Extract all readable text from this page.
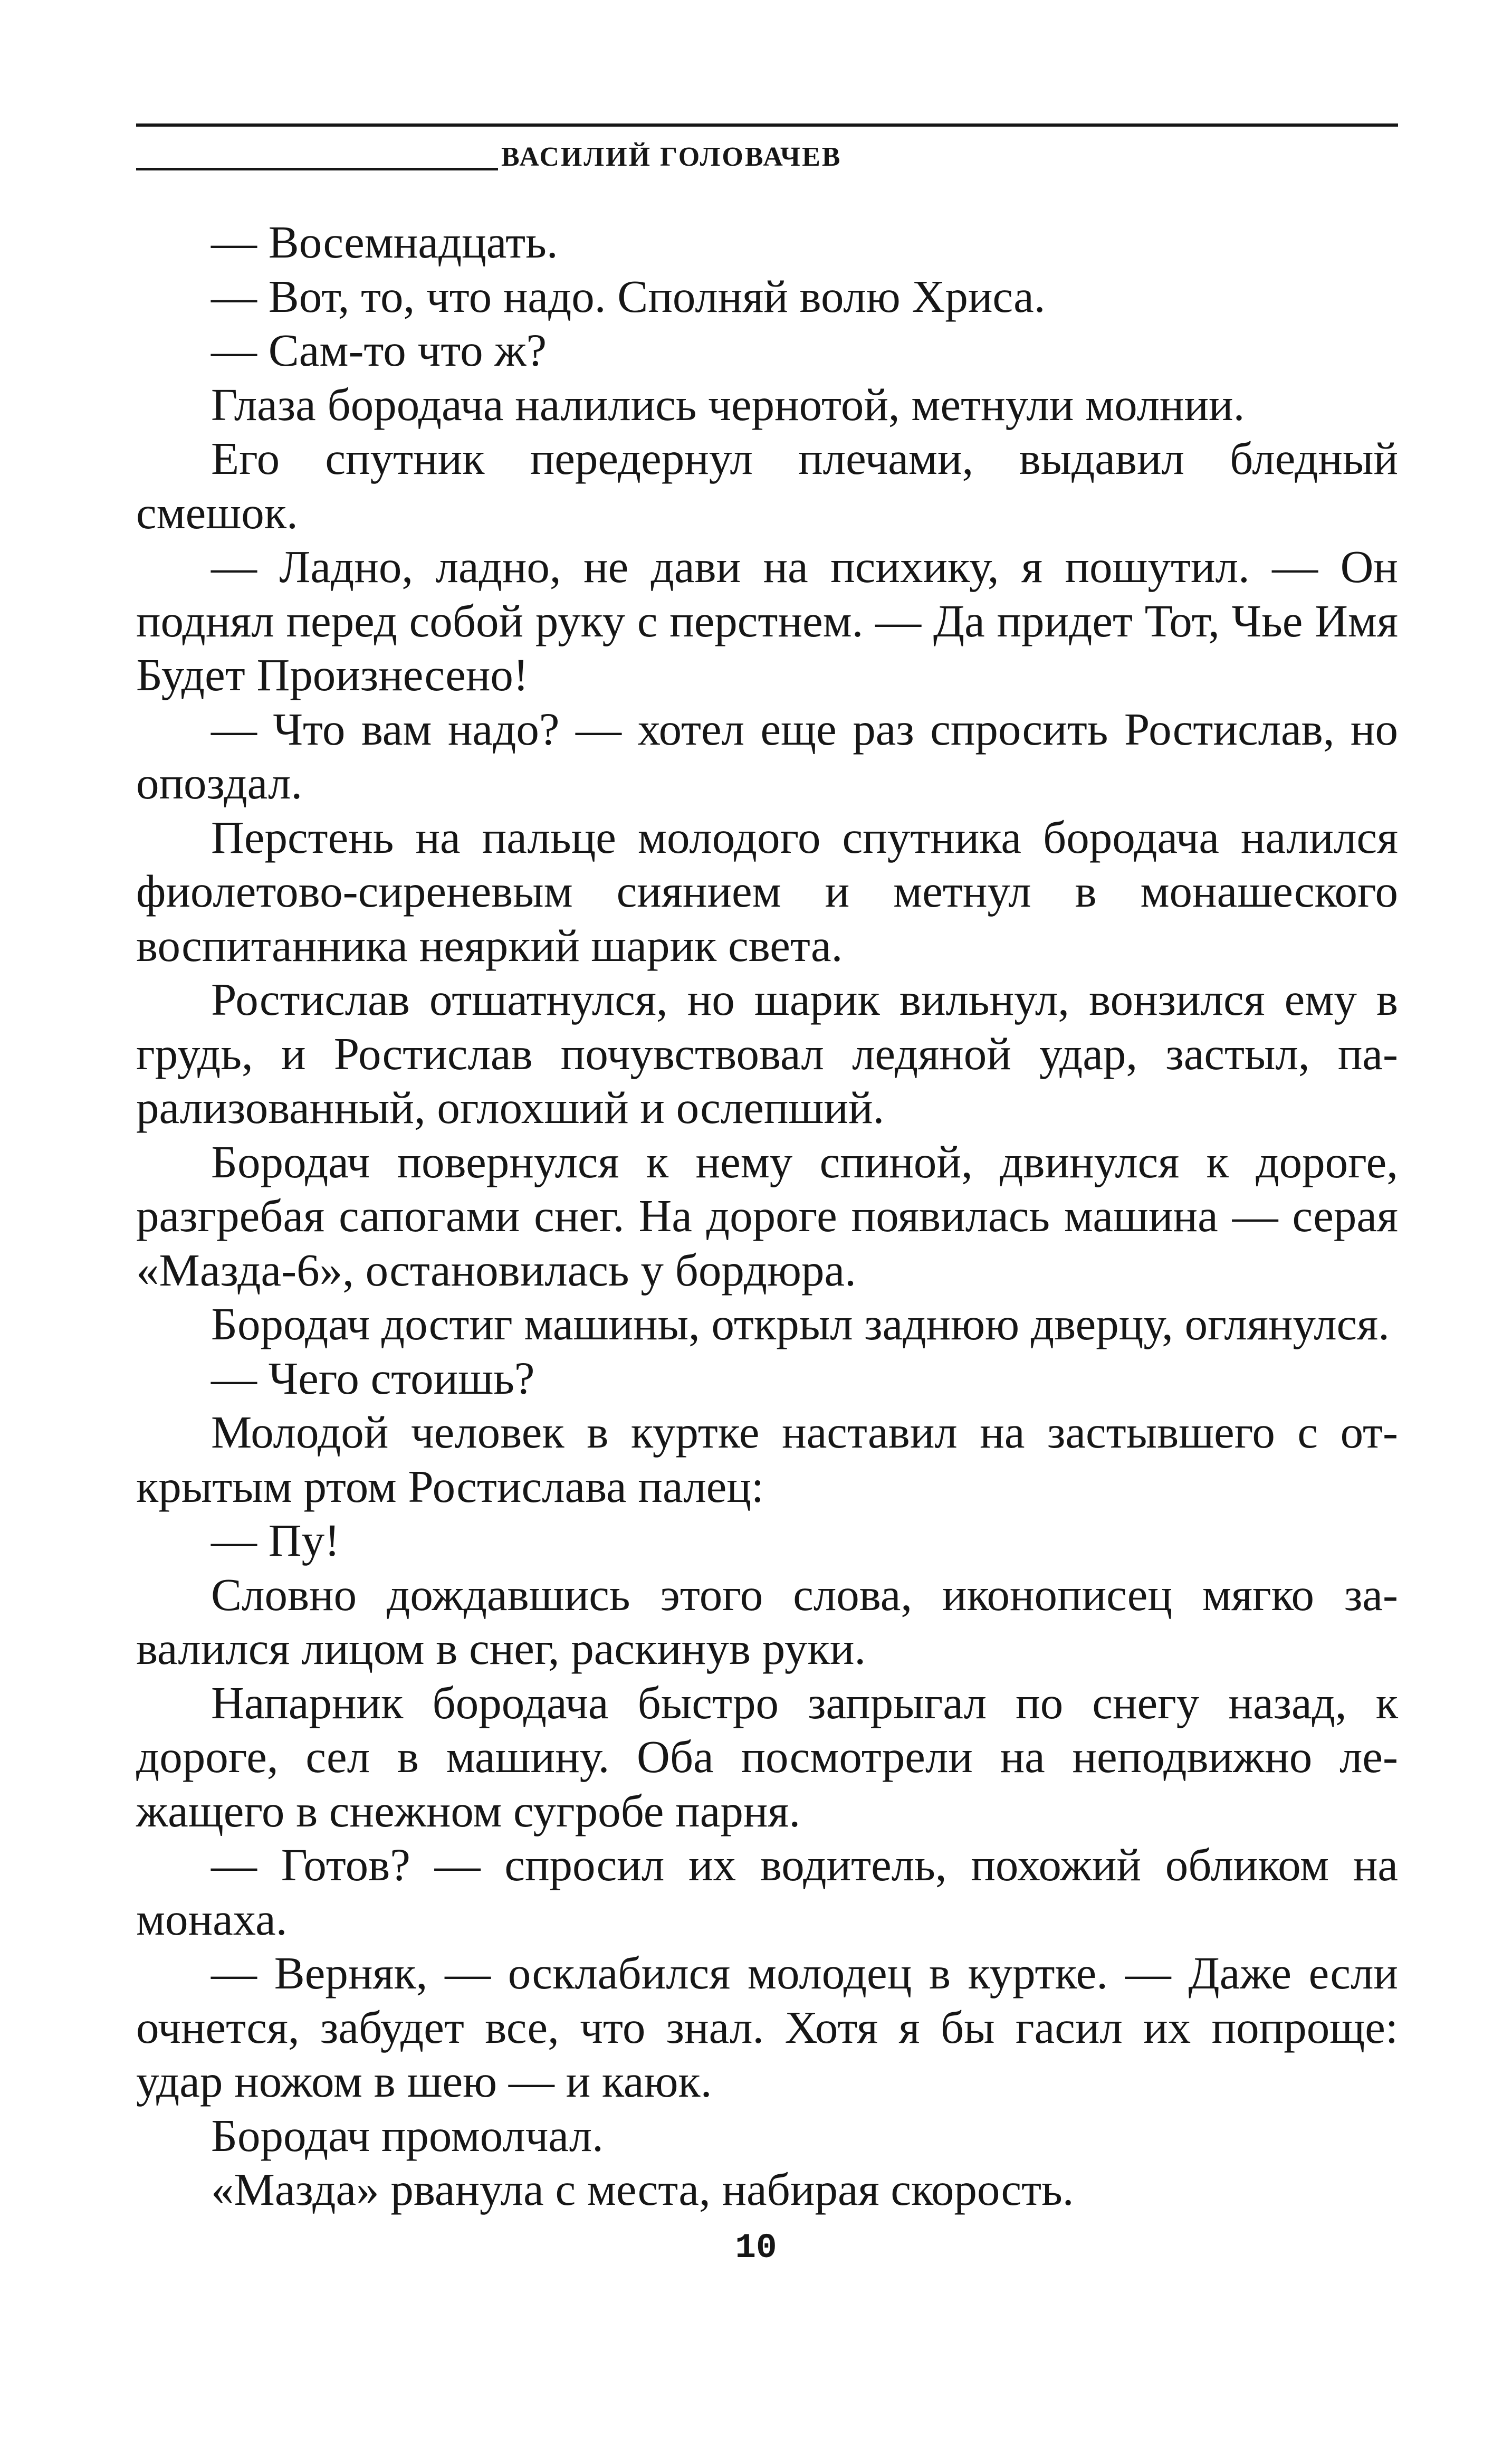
ВАСИЛИЙ ГОЛОВАЧЕВ

— Восемнадцать.

— Вот, то, что надо. Сполняй волю Хриса.

— Сам-то что ж?

Глаза бородача налились чернотой, метнули молнии.

Его спутник передернул плечами, выдавил бледный смешок.

— Ладно, ладно, не дави на психику, я пошутил. — Он поднял перед собой руку с перстнем. — Да придет Тот, Чье Имя Будет Произнесено!

— Что вам надо? — хотел еще раз спросить Ростислав, но опоздал.

Перстень на пальце молодого спутника бородача налился фиолетово-сиреневым сиянием и метнул в монашеского воспитанника неяркий шарик света.

Ростислав отшатнулся, но шарик вильнул, вонзился ему в грудь, и Ростислав почувствовал ледяной удар, застыл, парализованный, оглохший и ослепший.

Бородач повернулся к нему спиной, двинулся к дороге, разгребая сапогами снег. На дороге появилась машина — серая «Мазда-6», остановилась у бордюра.

Бородач достиг машины, открыл заднюю дверцу, оглянулся.

— Чего стоишь?

Молодой человек в куртке наставил на застывшего с открытым ртом Ростислава палец:

— Пу!

Словно дождавшись этого слова, иконописец мягко завалился лицом в снег, раскинув руки.

Напарник бородача быстро запрыгал по снегу назад, к дороге, сел в машину. Оба посмотрели на неподвижно лежащего в снежном сугробе парня.

— Готов? — спросил их водитель, похожий обликом на монаха.

— Верняк, — осклабился молодец в куртке. — Даже если очнется, забудет все, что знал. Хотя я бы гасил их попроще: удар ножом в шею — и каюк.

Бородач промолчал.

«Мазда» рванула с места, набирая скорость.

10
